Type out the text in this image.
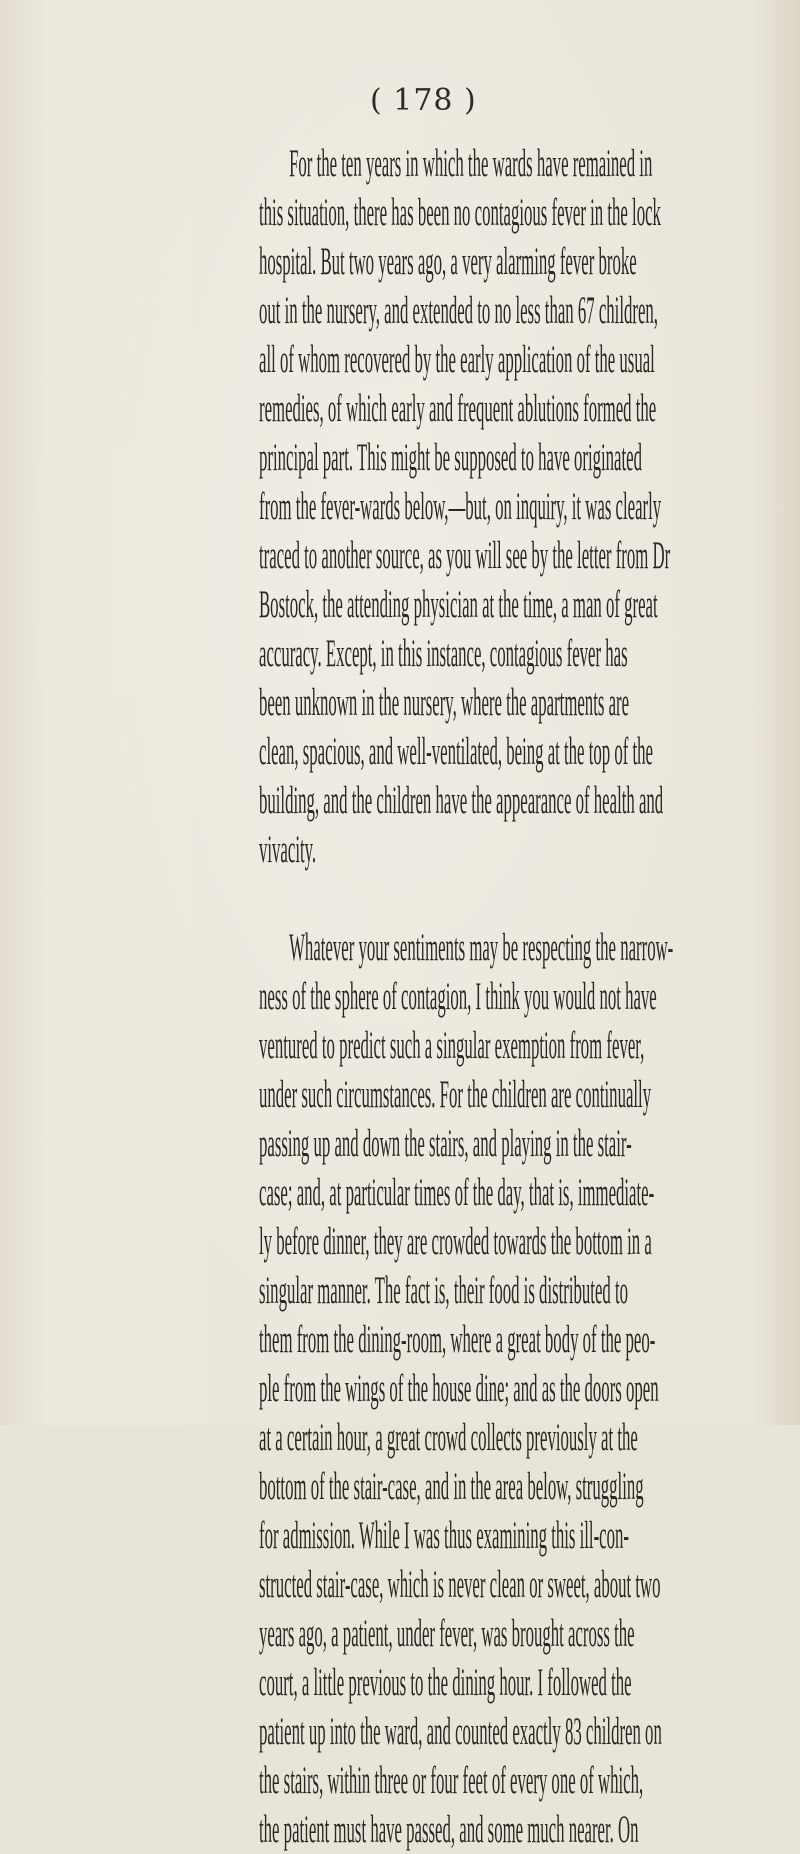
( 178 )
For the ten years in which the wards have remained in
this situation, there has been no contagious fever in the lock
hospital. But two years ago, a very alarming fever broke
out in the nursery, and extended to no less than 67 children,
all of whom recovered by the early application of the usual
remedies, of which early and frequent ablutions formed the
principal part. This might be supposed to have originated
from the fever-wards below,—but, on inquiry, it was clearly
traced to another source, as you will see by the letter from Dr
Bostock, the attending physician at the time, a man of great
accuracy. Except, in this instance, contagious fever has
been unknown in the nursery, where the apartments are
clean, spacious, and well-ventilated, being at the top of the
building, and the children have the appearance of health and
vivacity.
Whatever your sentiments may be respecting the narrow-
ness of the sphere of contagion, I think you would not have
ventured to predict such a singular exemption from fever,
under such circumstances. For the children are continually
passing up and down the stairs, and playing in the stair-
case; and, at particular times of the day, that is, immediate-
ly before dinner, they are crowded towards the bottom in a
singular manner. The fact is, their food is distributed to
them from the dining-room, where a great body of the peo-
ple from the wings of the house dine; and as the doors open
at a certain hour, a great crowd collects previously at the
bottom of the stair-case, and in the area below, struggling
for admission. While I was thus examining this ill-con-
structed stair-case, which is never clean or sweet, about two
years ago, a patient, under fever, was brought across the
court, a little previous to the dining hour. I followed the
patient up into the ward, and counted exactly 83 children on
the stairs, within three or four feet of every one of which,
the patient must have passed, and some much nearer. On
